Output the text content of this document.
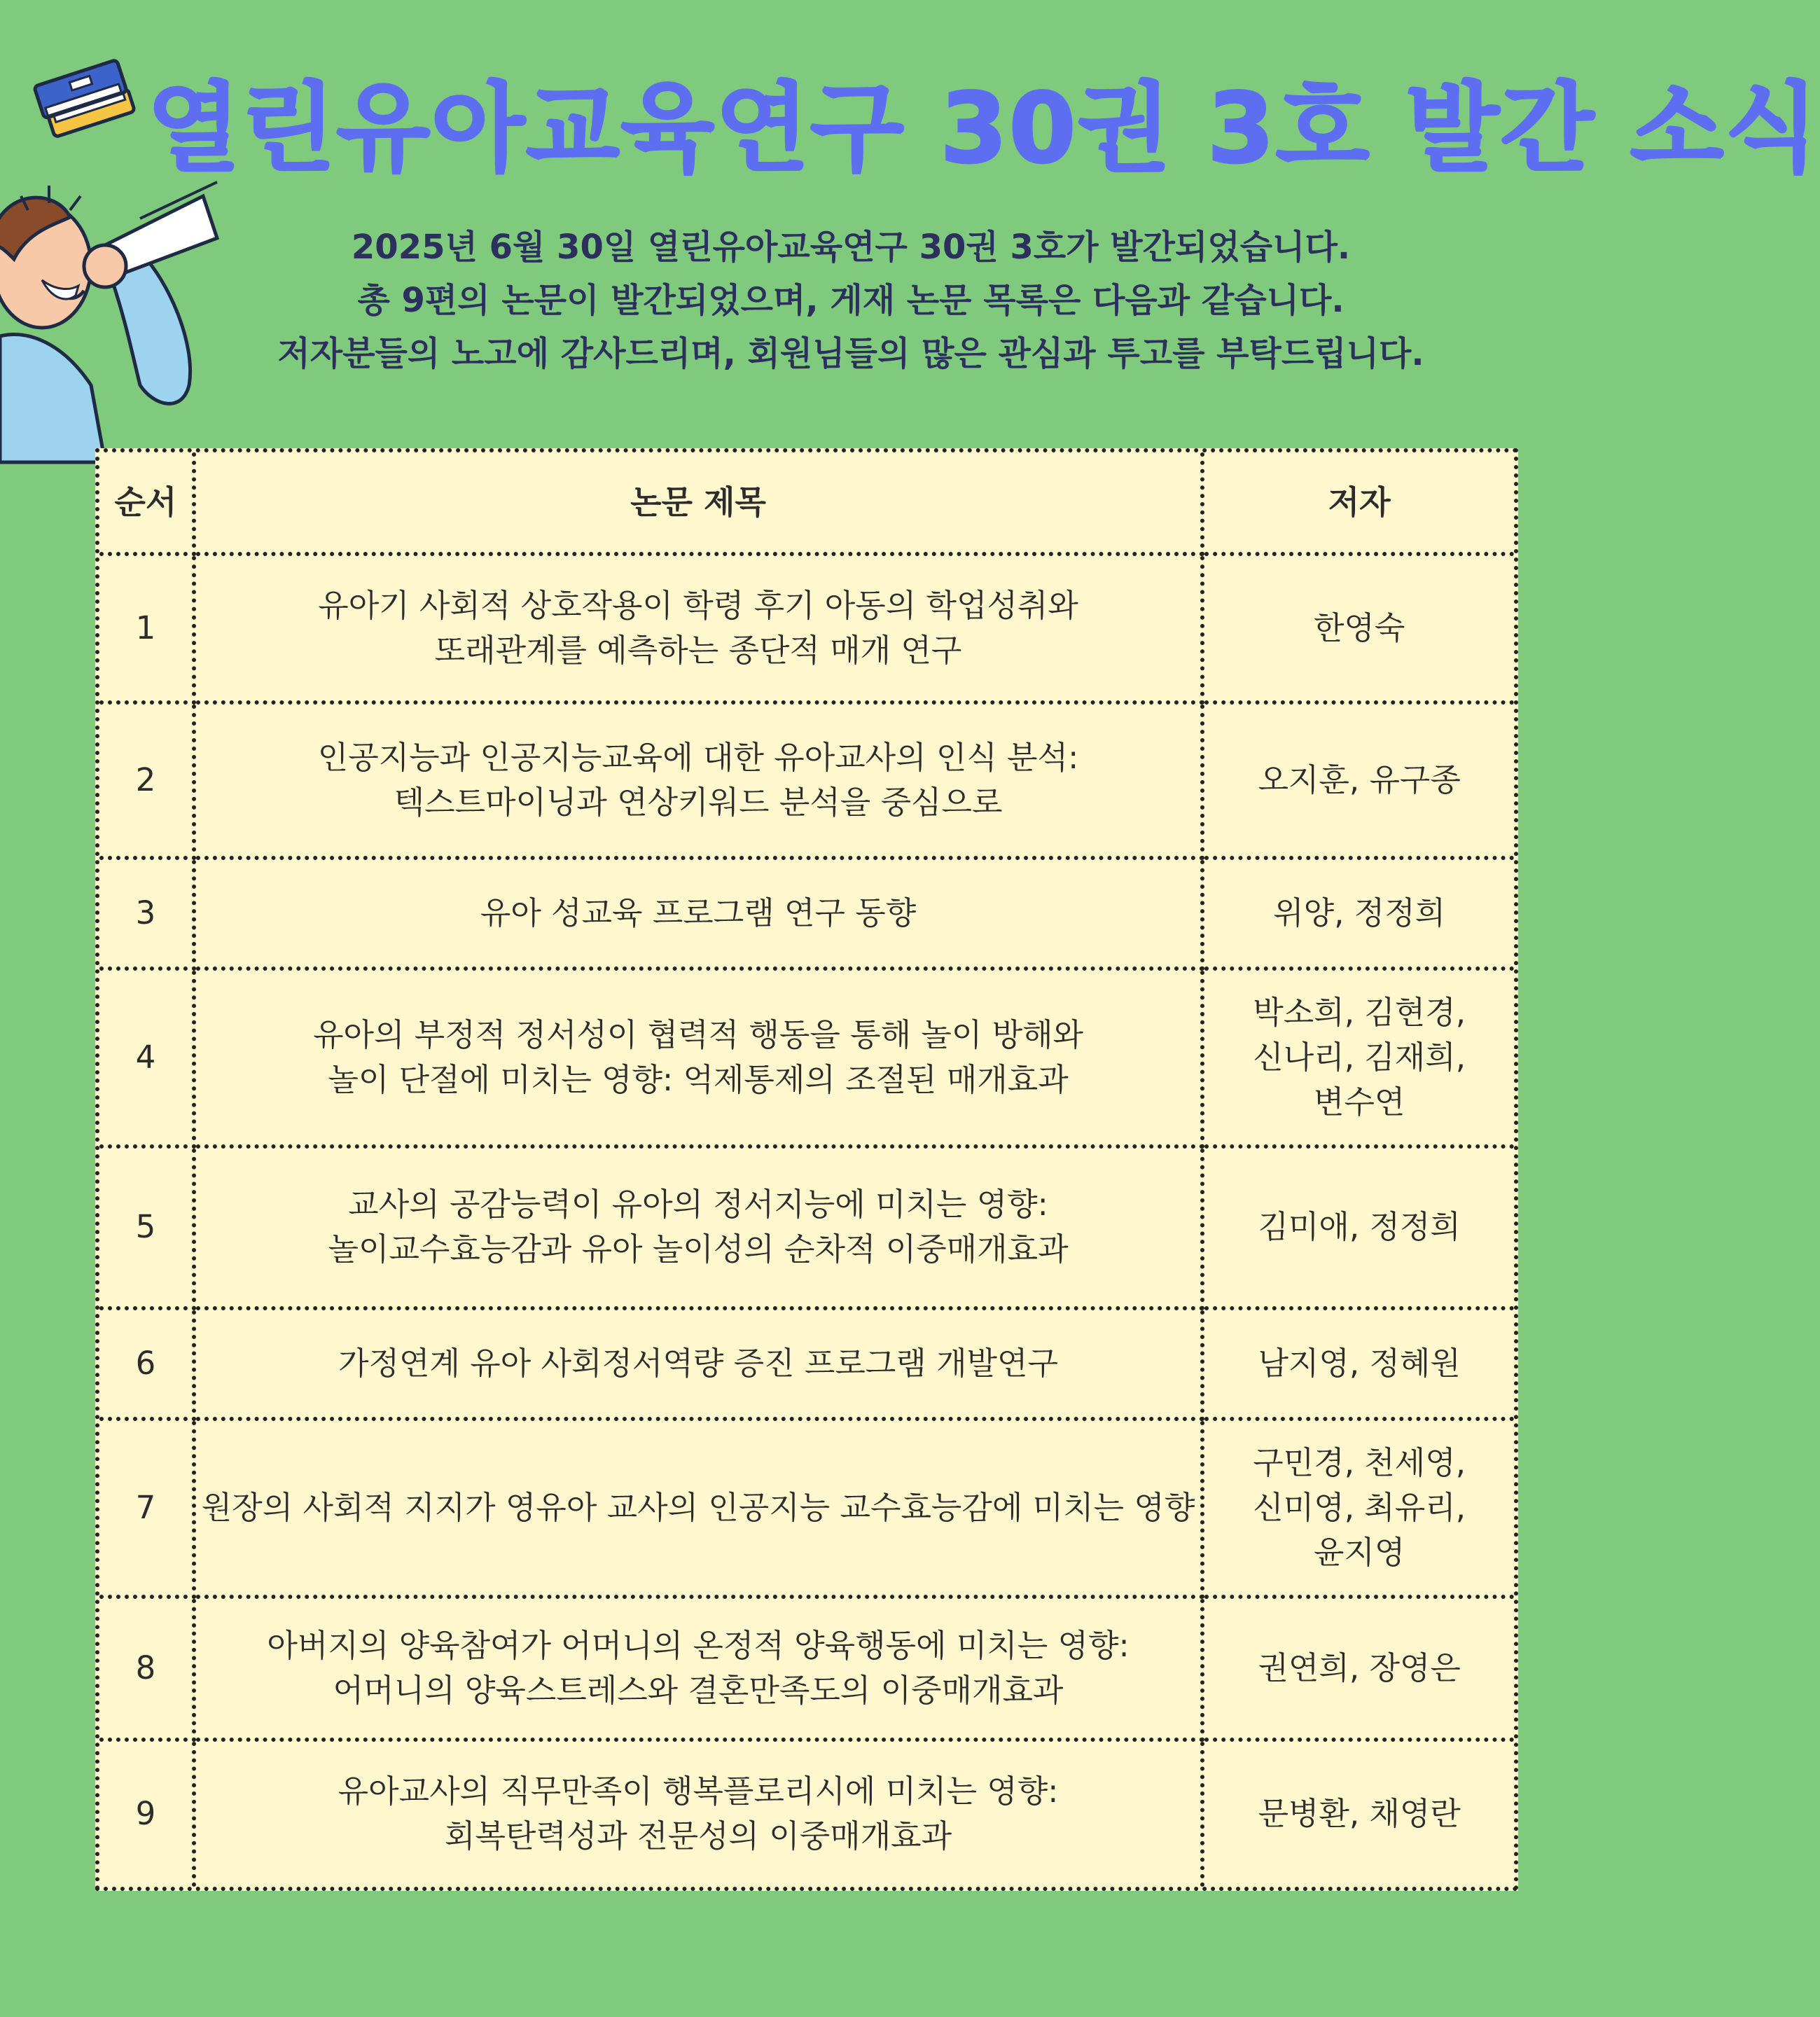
열린유아교육연구 30권 3호 발간 소식
2025년 6월 30일 열린유아교육연구 30권 3호가 발간되었습니다.
총 9편의 논문이 발간되었으며, 게재 논문 목록은 다음과 같습니다.
저자분들의 노고에 감사드리며, 회원님들의 많은 관심과 투고를 부탁드립니다.
순서	논문 제목	저자
1	유아기 사회적 상호작용이 학령 후기 아동의 학업성취와
또래관계를 예측하는 종단적 매개 연구	한영숙

2	인공지능과 인공지능교육에 대한 유아교사의 인식 분석:
텍스트마이닝과 연상키워드 분석을 중심으로	오지훈, 유구종

3	유아 성교육 프로그램 연구 동향	위양, 정정희

4	유아의 부정적 정서성이 협력적 행동을 통해 놀이 방해와
놀이 단절에 미치는 영향: 억제통제의 조절된 매개효과	박소희, 김현경,
신나리, 김재희,
변수연

5	교사의 공감능력이 유아의 정서지능에 미치는 영향:
놀이교수효능감과 유아 놀이성의 순차적 이중매개효과	김미애, 정정희

6	가정연계 유아 사회정서역량 증진 프로그램 개발연구	남지영, 정혜원

7	원장의 사회적 지지가 영유아 교사의 인공지능 교수효능감에 미치는 영향	구민경, 천세영,
신미영, 최유리,
윤지영

8	아버지의 양육참여가 어머니의 온정적 양육행동에 미치는 영향:
어머니의 양육스트레스와 결혼만족도의 이중매개효과	권연희, 장영은

9	유아교사의 직무만족이 행복플로리시에 미치는 영향:
회복탄력성과 전문성의 이중매개효과	문병환, 채영란
